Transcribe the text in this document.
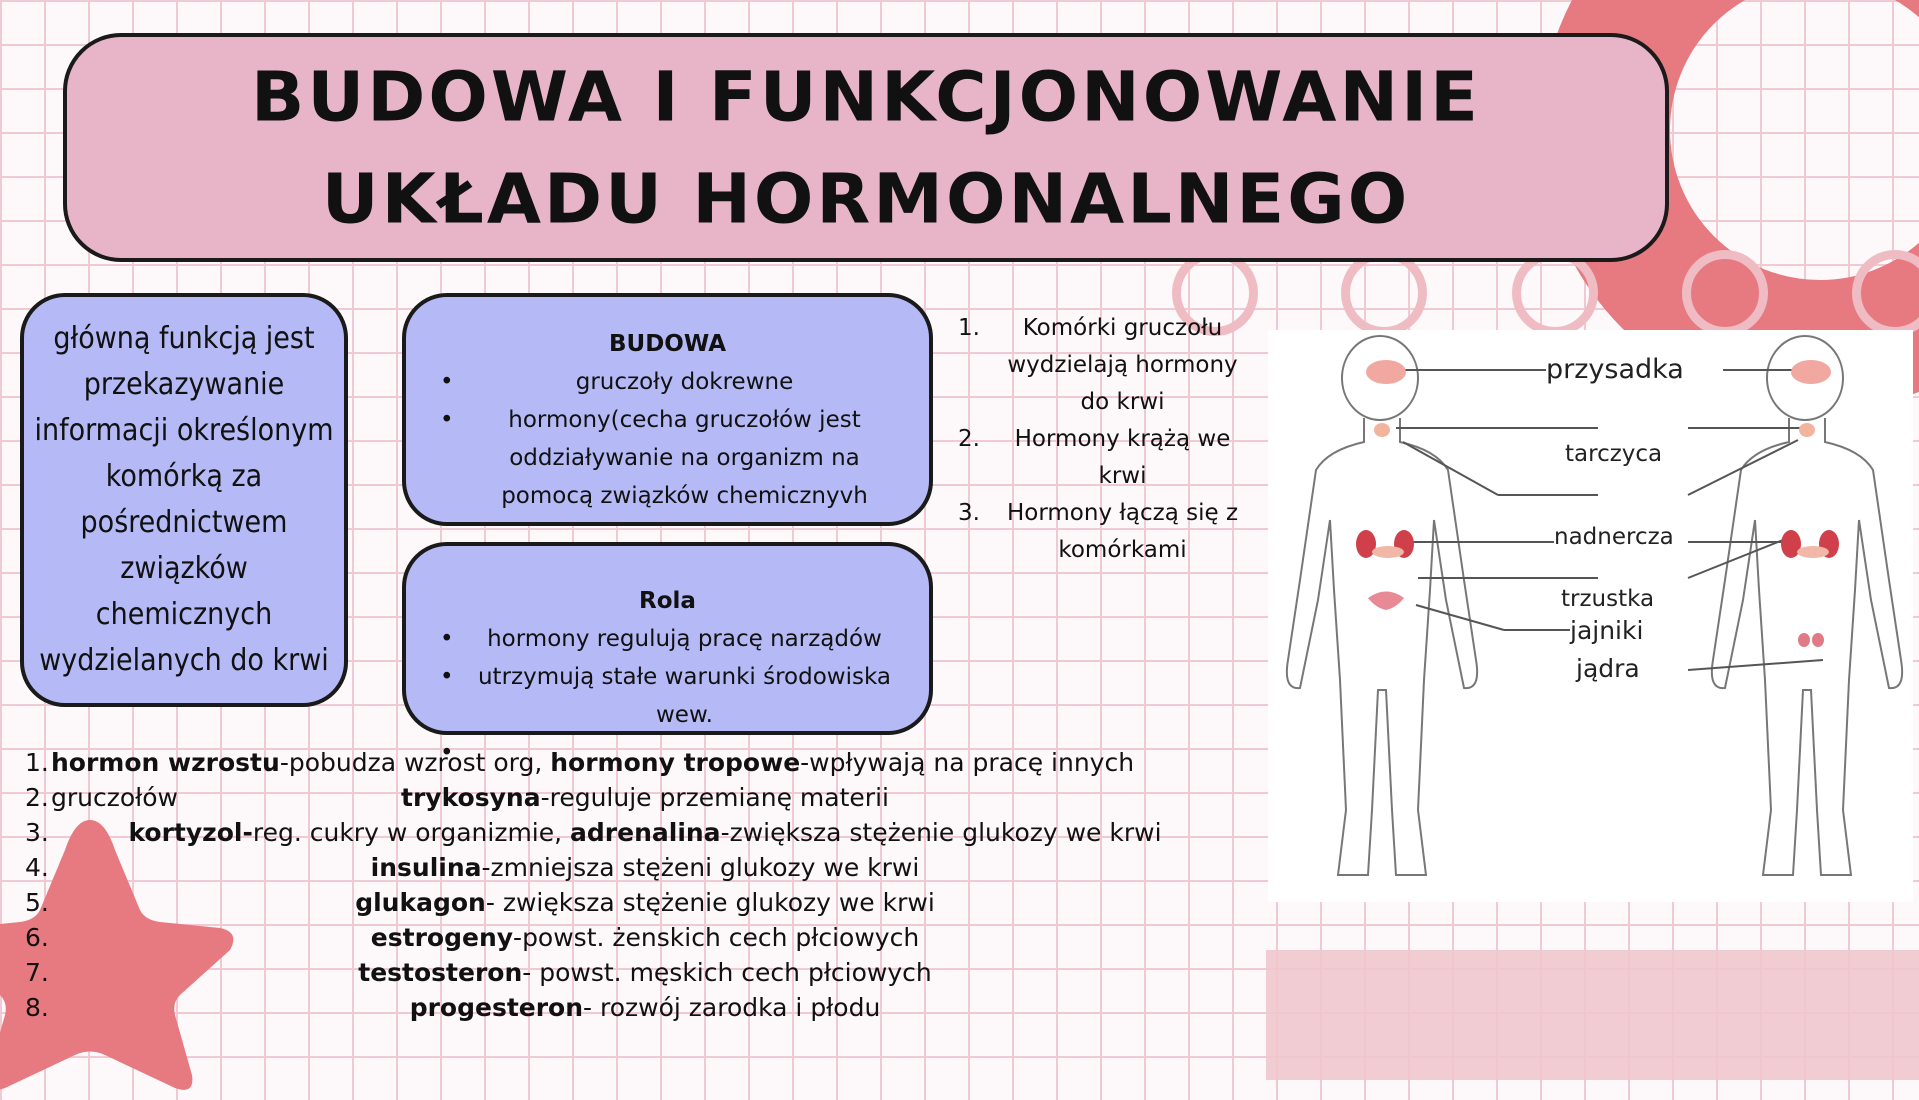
BUDOWA I FUNKCJONOWANIE UKŁADU HORMONALNEGO
główną funkcją jest przekazywanie informacji określonym komórką za pośrednictwem związków chemicznych wydzielanych do krwi
BUDOWA
• gruczoły dokrewne
• hormony(cecha gruczołów jest oddziaływanie na organizm na pomocą związków chemicznyvh
Rola
• hormony regulują pracę narządów
• utrzymują stałe warunki środowiska wew.
1. Komórki gruczołu wydzielają hormony do krwi
2. Hormony krążą we krwi
3. Hormony łączą się z komórkami
przysadka
tarczyca
nadnercza
trzustka
jajniki
jądra
1. hormon wzrostu-pobudza wzrost org, hormony tropowe-wpływają na pracę innych gruczołów
2.	trykosyna-reguluje przemianę materii
3.	kortyzol-reg. cukry w organizmie, adrenalina-zwiększa stężenie glukozy we krwi
4.	insulina-zmniejsza stężeni glukozy we krwi
5.	glukagon- zwiększa stężenie glukozy we krwi
6.	estrogeny-powst. żenskich cech płciowych
7.	testosteron- powst. męskich cech płciowych
8.	progesteron- rozwój zarodka i płodu
